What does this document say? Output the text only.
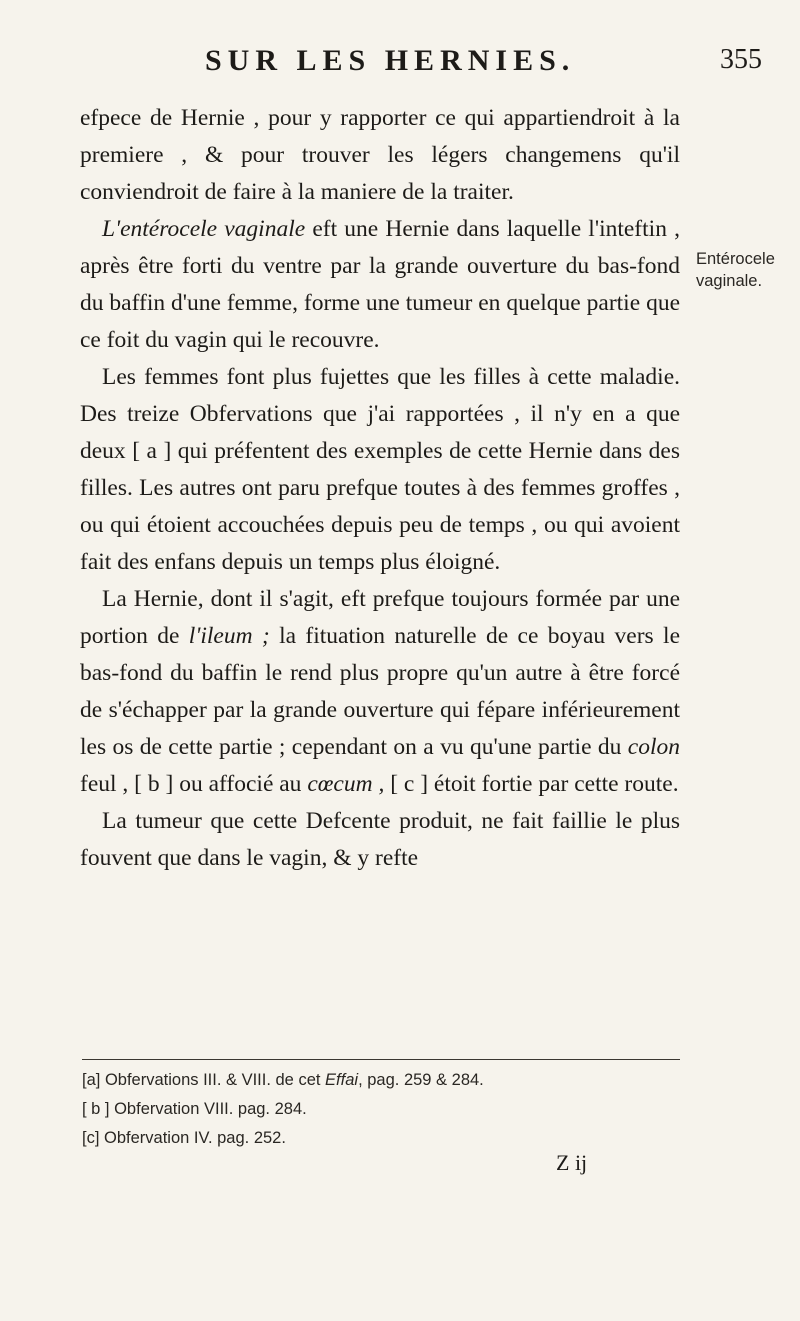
SUR LES HERNIES.	355
Entérocele
vaginale.

efpece de Hernie , pour y rapporter ce qui appartiendroit à la premiere , & pour trouver les légers changemens qu'il conviendroit de faire à la maniere de la traiter.

L'entérocele vaginale eft une Hernie dans laquelle l'inteftin , après être forti du ventre par la grande ouverture du bas-fond du baffin d'une femme, forme une tumeur en quelque partie que ce foit du vagin qui le recouvre.

Les femmes font plus fujettes que les filles à cette maladie. Des treize Obfervations que j'ai rapportées , il n'y en a que deux [ a ] qui préfentent des exemples de cette Hernie dans des filles. Les autres ont paru prefque toutes à des femmes groffes , ou qui étoient accouchées depuis peu de temps , ou qui avoient fait des enfans depuis un temps plus éloigné.

La Hernie, dont il s'agit, eft prefque toujours formée par une portion de l'ileum ; la fituation naturelle de ce boyau vers le bas-fond du baffin le rend plus propre qu'un autre à être forcé de s'échapper par la grande ouverture qui fépare inférieurement les os de cette partie ; cependant on a vu qu'une partie du colon feul , [ b ] ou affocié au cœcum , [ c ] étoit fortie par cette route.

La tumeur que cette Defcente produit, ne fait faillie le plus fouvent que dans le vagin, & y refte

[a] Obfervations III. & VIII. de cet Effai, pag. 259 & 284.
[ b ] Obfervation VIII. pag. 284.
[c] Obfervation IV. pag. 252.
Z ij
